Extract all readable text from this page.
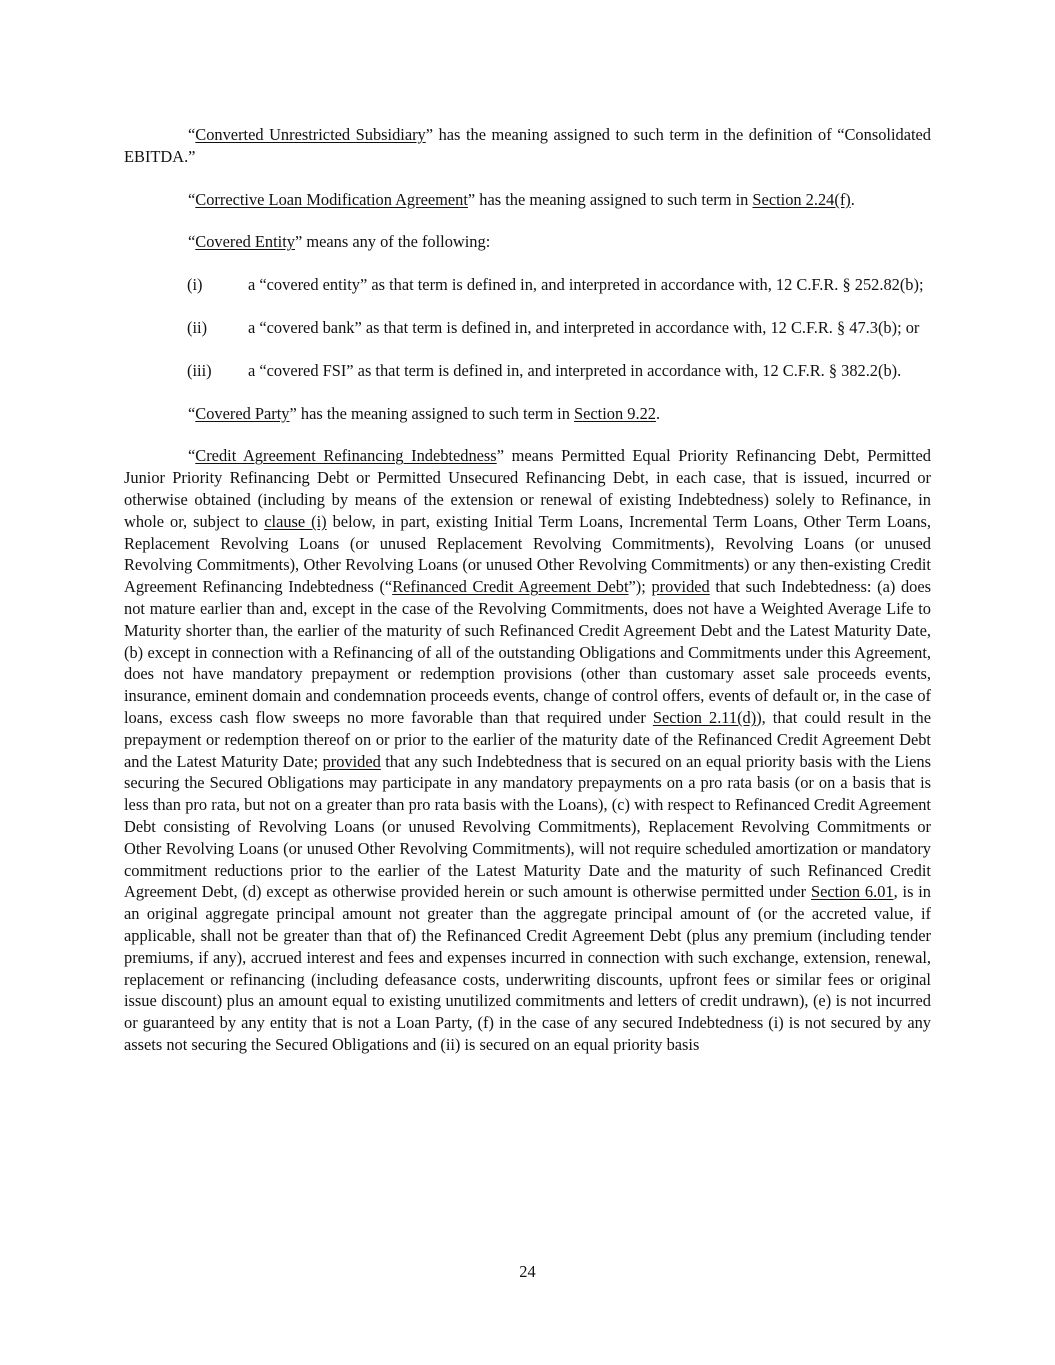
“Converted Unrestricted Subsidiary” has the meaning assigned to such term in the definition of “Consolidated EBITDA.”

“Corrective Loan Modification Agreement” has the meaning assigned to such term in Section 2.24(f).

“Covered Entity” means any of the following:

(i)	a “covered entity” as that term is defined in, and interpreted in accordance with, 12 C.F.R. § 252.82(b);
(ii) a “covered bank” as that term is defined in, and interpreted in accordance with, 12 C.F.R. § 47.3(b); or
(iii) a “covered FSI” as that term is defined in, and interpreted in accordance with, 12 C.F.R. § 382.2(b).

“Covered Party” has the meaning assigned to such term in Section 9.22.

“Credit Agreement Refinancing Indebtedness” means Permitted Equal Priority Refinancing Debt, Permitted Junior Priority Refinancing Debt or Permitted Unsecured Refinancing Debt, in each case, that is issued, incurred or otherwise obtained (including by means of the extension or renewal of existing Indebtedness) solely to Refinance, in whole or, subject to clause (i) below, in part, existing Initial Term Loans, Incremental Term Loans, Other Term Loans, Replacement Revolving Loans (or unused Replacement Revolving Commitments), Revolving Loans (or unused Revolving Commitments), Other Revolving Loans (or unused Other Revolving Commitments) or any then-existing Credit Agreement Refinancing Indebtedness (“Refinanced Credit Agreement Debt”); provided that such Indebtedness: (a) does not mature earlier than and, except in the case of the Revolving Commitments, does not have a Weighted Average Life to Maturity shorter than, the earlier of the maturity of such Refinanced Credit Agreement Debt and the Latest Maturity Date, (b) except in connection with a Refinancing of all of the outstanding Obligations and Commitments under this Agreement, does not have mandatory prepayment or redemption provisions (other than customary asset sale proceeds events, insurance, eminent domain and condemnation proceeds events, change of control offers, events of default or, in the case of loans, excess cash flow sweeps no more favorable than that required under Section 2.11(d)), that could result in the prepayment or redemption thereof on or prior to the earlier of the maturity date of the Refinanced Credit Agreement Debt and the Latest Maturity Date; provided that any such Indebtedness that is secured on an equal priority basis with the Liens securing the Secured Obligations may participate in any mandatory prepayments on a pro rata basis (or on a basis that is less than pro rata, but not on a greater than pro rata basis with the Loans), (c) with respect to Refinanced Credit Agreement Debt consisting of Revolving Loans (or unused Revolving Commitments), Replacement Revolving Commitments or Other Revolving Loans (or unused Other Revolving Commitments), will not require scheduled amortization or mandatory commitment reductions prior to the earlier of the Latest Maturity Date and the maturity of such Refinanced Credit Agreement Debt, (d) except as otherwise provided herein or such amount is otherwise permitted under Section 6.01, is in an original aggregate principal amount not greater than the aggregate principal amount of (or the accreted value, if applicable, shall not be greater than that of) the Refinanced Credit Agreement Debt (plus any premium (including tender premiums, if any), accrued interest and fees and expenses incurred in connection with such exchange, extension, renewal, replacement or refinancing (including defeasance costs, underwriting discounts, upfront fees or similar fees or original issue discount) plus an amount equal to existing unutilized commitments and letters of credit undrawn), (e) is not incurred or guaranteed by any entity that is not a Loan Party, (f) in the case of any secured Indebtedness (i) is not secured by any assets not securing the Secured Obligations and (ii) is secured on an equal priority basis

24
